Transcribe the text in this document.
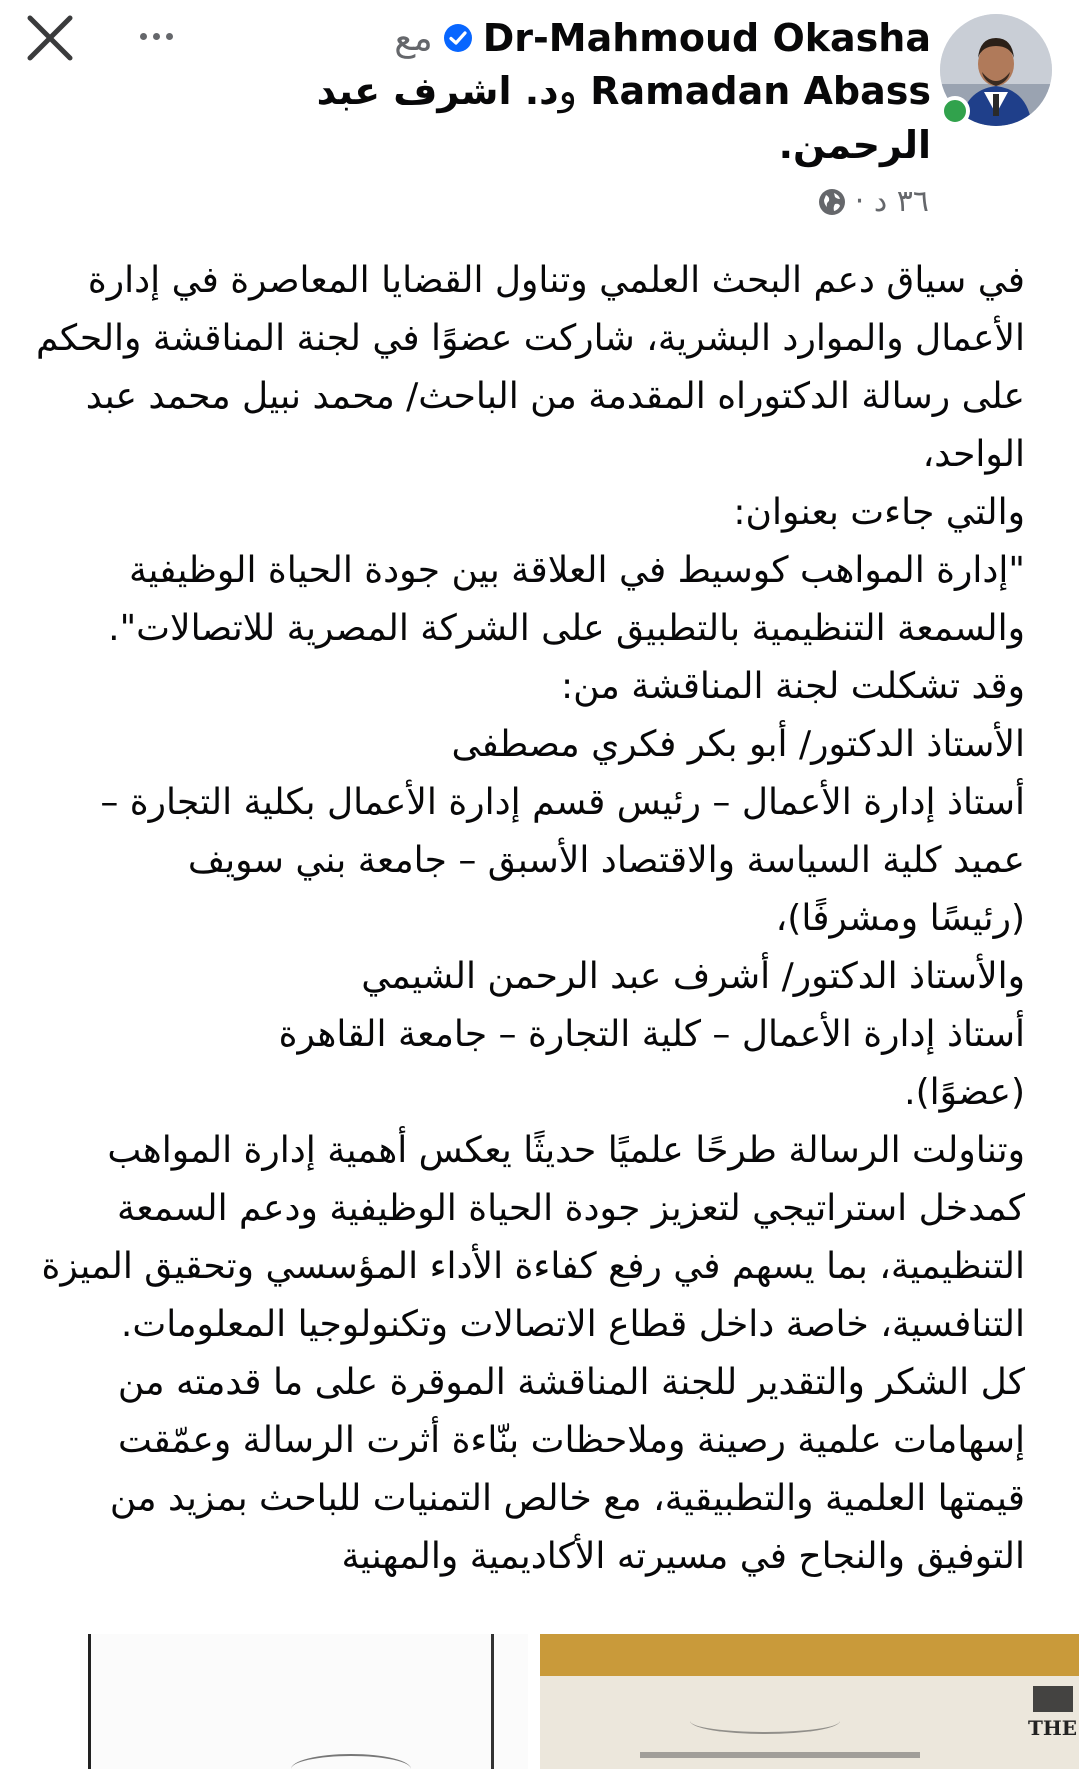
مع Dr-Mahmoud Okasha
Ramadan Abass ود. اشرف عبد
الرحمن.
٣٦ د ·

في سياق دعم البحث العلمي وتناول القضايا المعاصرة في إدارة

الأعمال والموارد البشرية، شاركت عضوًا في لجنة المناقشة والحكم

على رسالة الدكتوراه المقدمة من الباحث/ محمد نبيل محمد عبد

الواحد،

والتي جاءت بعنوان:

"إدارة المواهب كوسيط في العلاقة بين جودة الحياة الوظيفية

والسمعة التنظيمية بالتطبيق على الشركة المصرية للاتصالات".

وقد تشكلت لجنة المناقشة من:

الأستاذ الدكتور/ أبو بكر فكري مصطفى

أستاذ إدارة الأعمال – رئيس قسم إدارة الأعمال بكلية التجارة –

عميد كلية السياسة والاقتصاد الأسبق – جامعة بني سويف

(رئيسًا ومشرفًا)،

والأستاذ الدكتور/ أشرف عبد الرحمن الشيمي

أستاذ إدارة الأعمال – كلية التجارة – جامعة القاهرة

(عضوًا).

وتناولت الرسالة طرحًا علميًا حديثًا يعكس أهمية إدارة المواهب

كمدخل استراتيجي لتعزيز جودة الحياة الوظيفية ودعم السمعة

التنظيمية، بما يسهم في رفع كفاءة الأداء المؤسسي وتحقيق الميزة

التنافسية، خاصة داخل قطاع الاتصالات وتكنولوجيا المعلومات.

كل الشكر والتقدير للجنة المناقشة الموقرة على ما قدمته من

إسهامات علمية رصينة وملاحظات بنّاءة أثرت الرسالة وعمّقت

قيمتها العلمية والتطبيقية، مع خالص التمنيات للباحث بمزيد من

التوفيق والنجاح في مسيرته الأكاديمية والمهنية

THE
